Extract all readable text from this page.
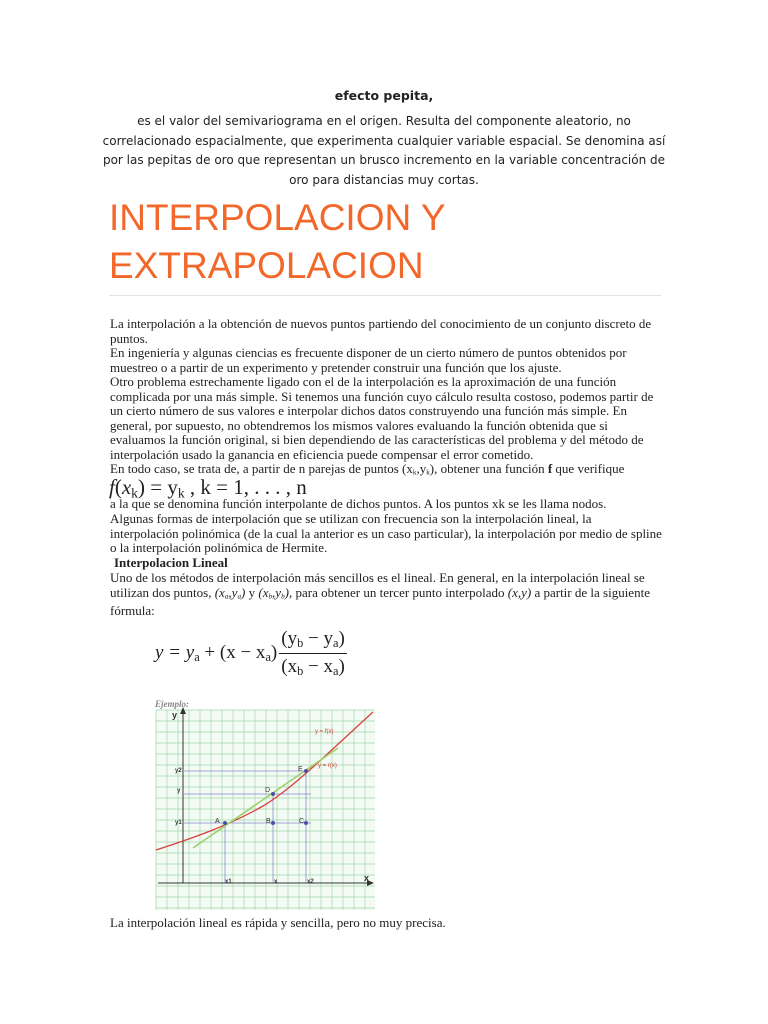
efecto pepita,
es el valor del semivariograma en el origen. Resulta del componente aleatorio, no
correlacionado espacialmente, que experimenta cualquier variable espacial. Se denomina así
por las pepitas de oro que representan un brusco incremento en la variable concentración de
oro para distancias muy cortas.
INTERPOLACION Y
EXTRAPOLACION

La interpolación a la obtención de nuevos puntos partiendo del conocimiento de un conjunto discreto de puntos.

En ingeniería y algunas ciencias es frecuente disponer de un cierto número de puntos obtenidos por muestreo o a partir de un experimento y pretender construir una función que los ajuste.

Otro problema estrechamente ligado con el de la interpolación es la aproximación de una función complicada por una más simple. Si tenemos una función cuyo cálculo resulta costoso, podemos partir de un cierto número de sus valores e interpolar dichos datos construyendo una función más simple. En general, por supuesto, no obtendremos los mismos valores evaluando la función obtenida que si evaluamos la función original, si bien dependiendo de las características del problema y del método de interpolación usado la ganancia en eficiencia puede compensar el error cometido.

En todo caso, se trata de, a partir de n parejas de puntos (xk,yk), obtener una función f que verifique

$f(x_k) = y_k$ , k = 1, . . . , n

a la que se denomina función interpolante de dichos puntos. A los puntos xk se les llama nodos.

Algunas formas de interpolación que se utilizan con frecuencia son la interpolación lineal, la interpolación polinómica (de la cual la anterior es un caso particular), la interpolación por medio de spline o la interpolación polinómica de Hermite.

Interpolacion Lineal

Uno de los métodos de interpolación más sencillos es el lineal. En general, en la interpolación lineal se utilizan dos puntos, (xa,ya) y (xb,yb), para obtener un tercer punto interpolado (x,y) a partir de la siguiente fórmula:

$y = y_a + (x - x_a) \frac{(y_b - y_a)}{(x_b - x_a)}$
Ejemplo:
y
x
y = f(x)
y = r(x)
A	B	C
D
E
y2
y
y1
x1	x	x2

La interpolación lineal es rápida y sencilla, pero no muy precisa.
